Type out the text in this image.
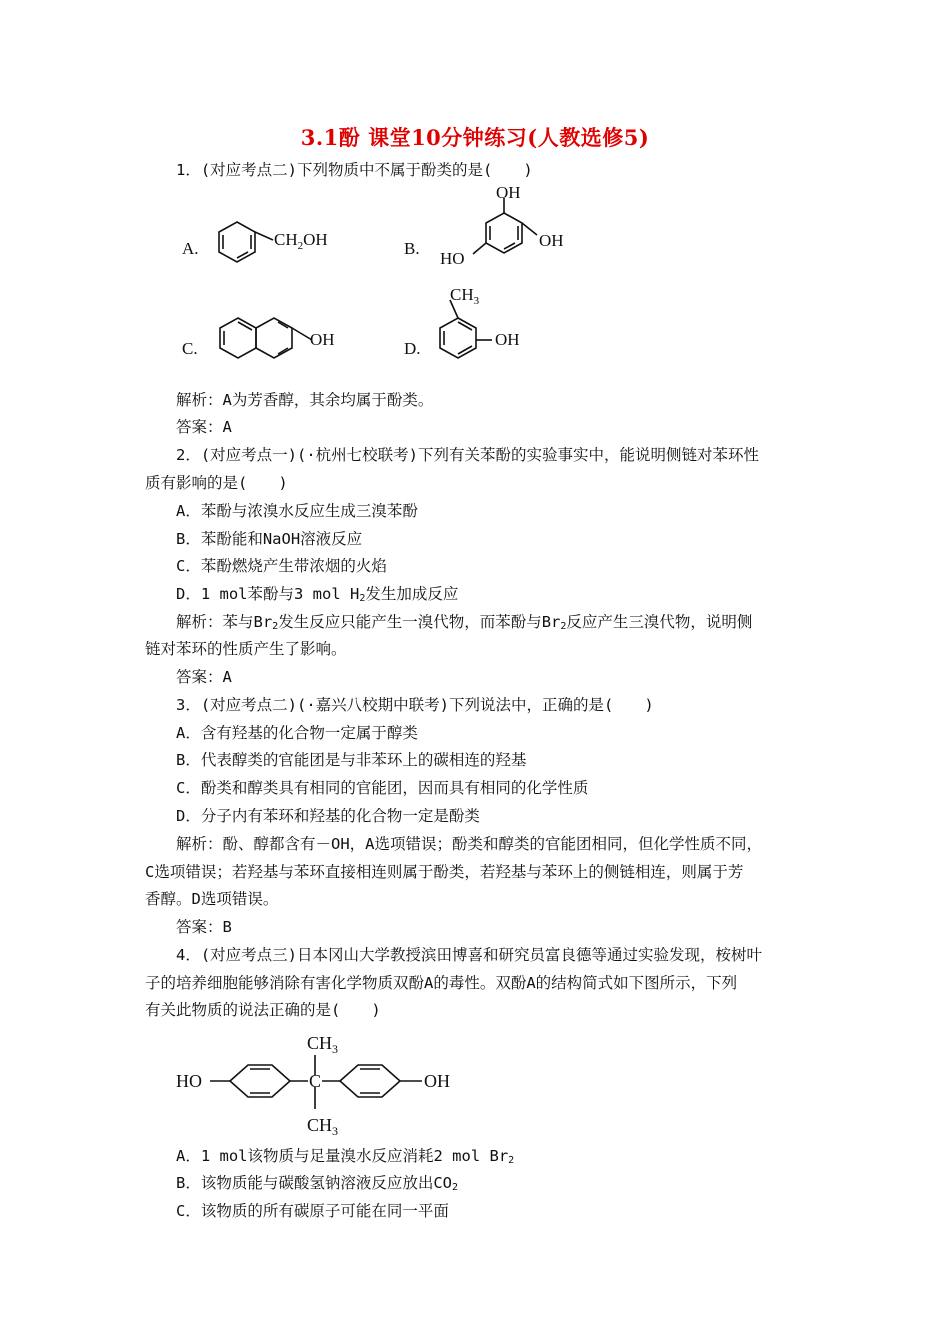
3.1酚 课堂10分钟练习(人教选修5)
1．(对应考点二)下列物质中不属于酚类的是(　　)
A.	$CH_2OH$	B.
OH
OH
HO
C.	OH	D.
$CH_3$
OH
解析：A为芳香醇，其余均属于酚类。
答案：A
2．(对应考点一)(·杭州七校联考)下列有关苯酚的实验事实中，能说明侧链对苯环性
质有影响的是(　　)
A．苯酚与浓溴水反应生成三溴苯酚
B．苯酚能和NaOH溶液反应
C．苯酚燃烧产生带浓烟的火焰
D．1 mol苯酚与3 mol $H_2$发生加成反应
解析：苯与$Br_2$发生反应只能产生一溴代物，而苯酚与$Br_2$反应产生三溴代物，说明侧
链对苯环的性质产生了影响。
答案：A
3．(对应考点二)(·嘉兴八校期中联考)下列说法中，正确的是(　　)
A．含有羟基的化合物一定属于醇类
B．代表醇类的官能团是与非苯环上的碳相连的羟基
C．酚类和醇类具有相同的官能团，因而具有相同的化学性质
D．分子内有苯环和羟基的化合物一定是酚类
解析：酚、醇都含有－OH，A选项错误；酚类和醇类的官能团相同，但化学性质不同，
C选项错误；若羟基与苯环直接相连则属于酚类，若羟基与苯环上的侧链相连，则属于芳
香醇。D选项错误。
答案：B
4．(对应考点三)日本冈山大学教授滨田博喜和研究员富良德等通过实验发现，桉树叶
子的培养细胞能够消除有害化学物质双酚A的毒性。双酚A的结构简式如下图所示，下列
有关此物质的说法正确的是(　　)
HO	C	OH
$CH_3$
$CH_3$
A．1 mol该物质与足量溴水反应消耗2 mol $Br_2$
B．该物质能与碳酸氢钠溶液反应放出$CO_2$
C．该物质的所有碳原子可能在同一平面
